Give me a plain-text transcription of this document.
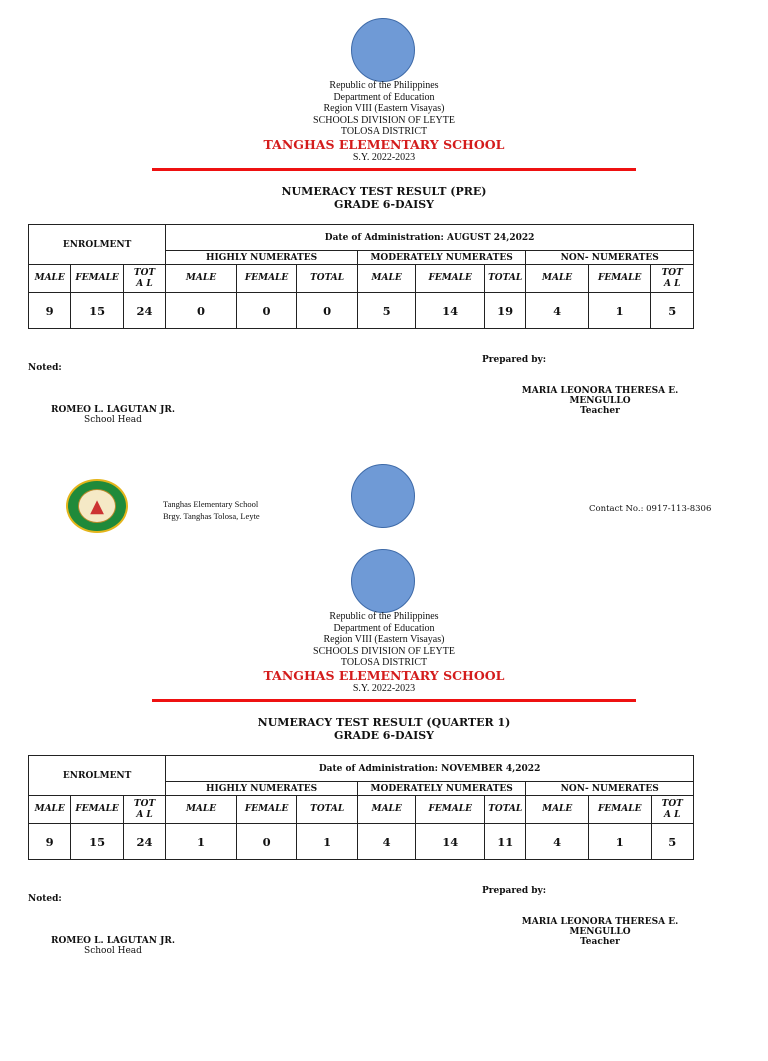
Republic of the Philippines
Department of Education
Region VIII (Eastern Visayas)
SCHOOLS DIVISION OF LEYTE
TOLOSA DISTRICT
TANGHAS ELEMENTARY SCHOOL
S.Y. 2022-2023
NUMERACY TEST RESULT (PRE)
GRADE 6-DAISY
ENROLMENT			Date of Administration: AUGUST 24,2022								
			HIGHLY NUMERATES			MODERATELY NUMERATES			NON- NUMERATES		
MALE	FEMALE	TOTA L	MALE	FEMALE	TOTAL	MALE	FEMALE	TOTAL	MALE	FEMALE	TOTA L
9	15	24	0	0	0	5	14	19	4	1	5
Prepared by:
Noted:
MARIA LEONORA THERESA E. MENGULLO
Teacher
ROMEO L. LAGUTAN JR.
School Head
Republic of the Philippines
Department of Education
Region VIII (Eastern Visayas)
SCHOOLS DIVISION OF LEYTE
TOLOSA DISTRICT
TANGHAS ELEMENTARY SCHOOL
S.Y. 2022-2023
NUMERACY TEST RESULT (QUARTER 1)
GRADE 6-DAISY
ENROLMENT			Date of Administration: NOVEMBER 4,2022								
			HIGHLY NUMERATES			MODERATELY NUMERATES			NON- NUMERATES		
MALE	FEMALE	TOTA L	MALE	FEMALE	TOTAL	MALE	FEMALE	TOTAL	MALE	FEMALE	TOTA L
9	15	24	1	0	1	4	14	11	4	1	5
Prepared by:
Noted:
MARIA LEONORA THERESA E. MENGULLO
Teacher
ROMEO L. LAGUTAN JR.
School Head
▲	Tanghas Elementary School
Brgy. Tanghas Tolosa, Leyte
Contact No.: 0917-113-8306
